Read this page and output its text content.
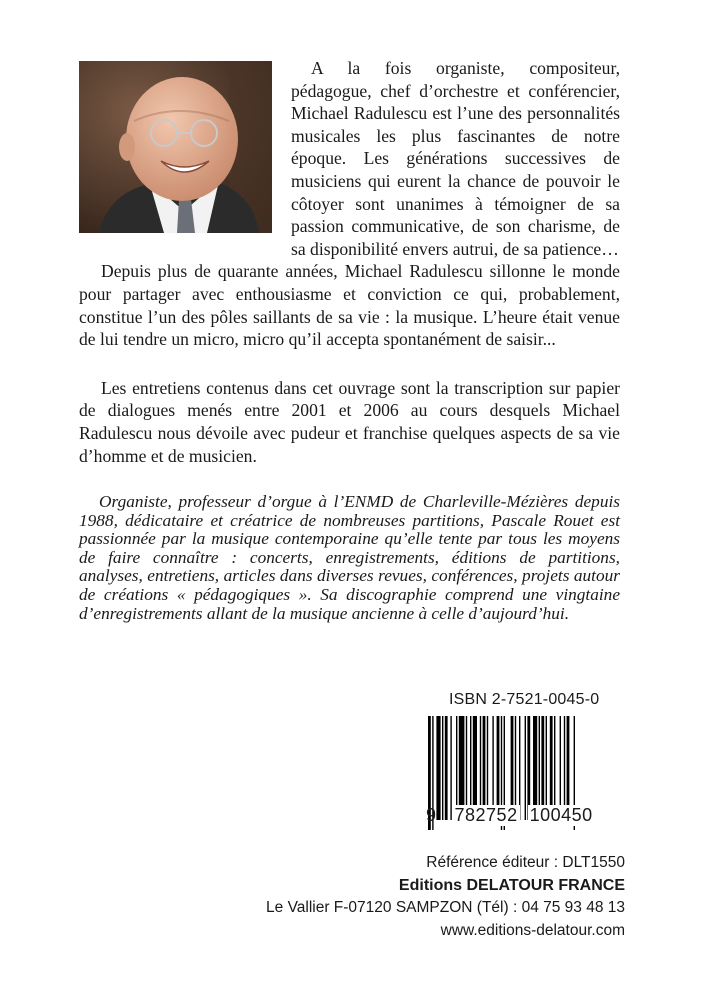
A la fois organiste, compositeur, pédagogue, chef d’orchestre et conférencier, Michael Radulescu est l’une des personnalités musicales les plus fascinantes de notre époque. Les générations successives de musiciens qui eurent la chance de pouvoir le côtoyer sont unanimes à témoigner de sa passion communicative, de son charisme, de sa disponibilité envers autrui, de sa patience…

Depuis plus de quarante années, Michael Radulescu sillonne le monde pour partager avec enthousiasme et conviction ce qui, probablement, constitue l’un des pôles saillants de sa vie : la musique. L’heure était venue de lui tendre un micro, micro qu’il accepta spontanément de saisir...

Les entretiens contenus dans cet ouvrage sont la transcription sur papier de dialogues menés entre 2001 et 2006 au cours desquels Michael Radulescu nous dévoile avec pudeur et franchise quelques aspects de sa vie d’homme et de musicien.

Organiste, professeur d’orgue à l’ENMD de Charleville-Mézières depuis 1988, dédicataire et créatrice de nombreuses partitions, Pascale Rouet est passionnée par la musique contemporaine qu’elle tente par tous les moyens de faire connaître : concerts, enregistrements, éditions de partitions, analyses, entretiens, articles dans diverses revues, conférences, projets autour de créations « pédagogiques ». Sa discographie comprend une vingtaine d’enregistrements allant de la musique ancienne à celle d’aujourd’hui.

ISBN 2-7521-0045-0
9 782752 100450
Référence éditeur : DLT1550
Editions DELATOUR FRANCE
Le Vallier F-07120 SAMPZON (Tél) : 04 75 93 48 13
www.editions-delatour.com
